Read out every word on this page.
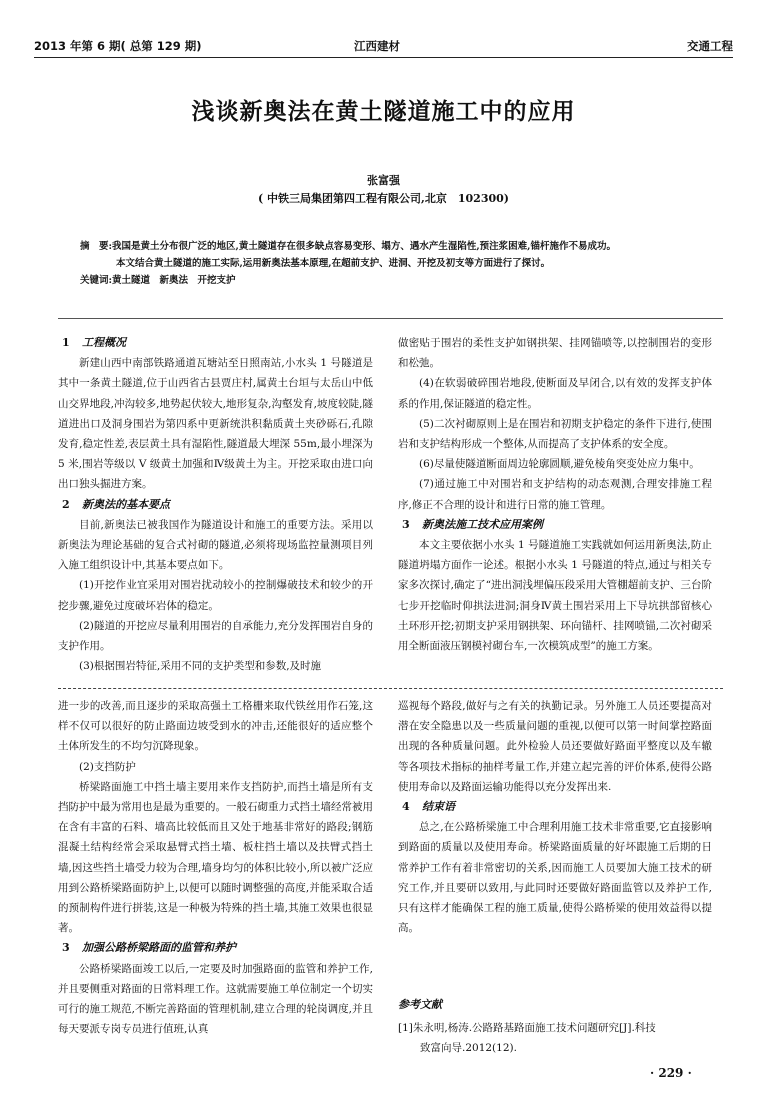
2013 年第 6 期( 总第 129 期)	江西建材	交通工程
浅谈新奥法在黄土隧道施工中的应用
张富强
( 中铁三局集团第四工程有限公司,北京　102300)

摘　要:我国是黄土分布很广泛的地区,黄土隧道存在很多缺点容易变形、塌方、遇水产生湿陷性,预注浆困难,锚杆施作不易成功。

本文结合黄土隧道的施工实际,运用新奥法基本原理,在超前支护、进洞、开挖及初支等方面进行了探讨。

关键词:黄土隧道　新奥法　开挖支护

1 工程概况

新建山西中南部铁路通道瓦塘站至日照南站,小水头 1 号隧道是其中一条黄土隧道,位于山西省古县贾庄村,属黄土台垣与太岳山中低山交界地段,冲沟较多,地势起伏较大,地形复杂,沟壑发育,坡度较陡,隧道进出口及洞身围岩为第四系中更新统洪积黏质黄土夹砂砾石,孔隙发育,稳定性差,表层黄土具有湿陷性,隧道最大埋深 55m,最小埋深为 5 米,围岩等级以 V 级黄土加强和Ⅳ级黄土为主。开挖采取由进口向出口独头掘进方案。

2 新奥法的基本要点

目前,新奥法已被我国作为隧道设计和施工的重要方法。采用以新奥法为理论基础的复合式衬砌的隧道,必须将现场监控量测项目列入施工组织设计中,其基本要点如下。

(1)开挖作业宜采用对围岩扰动较小的控制爆破技术和较少的开挖步骤,避免过度破坏岩体的稳定。

(2)隧道的开挖应尽量利用围岩的自承能力,充分发挥围岩自身的支护作用。

(3)根据围岩特征,采用不同的支护类型和参数,及时施

做密贴于围岩的柔性支护如钢拱架、挂网锚喷等,以控制围岩的变形和松弛。

(4)在软弱破碎围岩地段,使断面及早闭合,以有效的发挥支护体系的作用,保证隧道的稳定性。

(5)二次衬砌原则上是在围岩和初期支护稳定的条件下进行,使围岩和支护结构形成一个整体,从而提高了支护体系的安全度。

(6)尽量使隧道断面周边轮廓圆顺,避免棱角突变处应力集中。

(7)通过施工中对围岩和支护结构的动态观测,合理安排施工程序,修正不合理的设计和进行日常的施工管理。

3 新奥法施工技术应用案例

本文主要依据小水头 1 号隧道施工实践就如何运用新奥法,防止隧道坍塌方面作一论述。根据小水头 1 号隧道的特点,通过与相关专家多次探讨,确定了“进出洞浅埋偏压段采用大管棚超前支护、三台阶七步开挖临时仰拱法进洞;洞身Ⅳ黄土围岩采用上下导坑拱部留核心土环形开挖;初期支护采用钢拱架、环向锚杆、挂网喷锚,二次衬砌采用全断面液压钢模衬砌台车,一次模筑成型”的施工方案。

进一步的改善,而且逐步的采取高强土工格栅来取代铁丝用作石笼,这样不仅可以很好的防止路面边坡受到水的冲击,还能很好的适应整个土体所发生的不均匀沉降现象。

(2)支挡防护

桥梁路面施工中挡土墙主要用来作支挡防护,而挡土墙是所有支挡防护中最为常用也是最为重要的。一般石砌重力式挡土墙经常被用在含有丰富的石料、墙高比较低而且又处于地基非常好的路段;钢筋混凝土结构经常会采取悬臂式挡土墙、板柱挡土墙以及扶臂式挡土墙,因这些挡土墙受力较为合理,墙身均匀的体积比较小,所以被广泛应用到公路桥梁路面防护上,以便可以随时调整强的高度,并能采取合适的预制构件进行拼装,这是一种极为特殊的挡土墙,其施工效果也很显著。

3 加强公路桥梁路面的监管和养护

公路桥梁路面竣工以后,一定要及时加强路面的监管和养护工作,并且要侧重对路面的日常料理工作。这就需要施工单位制定一个切实可行的施工规范,不断完善路面的管理机制,建立合理的轮岗调度,并且每天要派专岗专员进行值班,认真

巡视每个路段,做好与之有关的执勤记录。另外施工人员还要提高对潜在安全隐患以及一些质量问题的重视,以便可以第一时间掌控路面出现的各种质量问题。此外检验人员还要做好路面平整度以及车辙等各项技术指标的抽样考量工作,并建立起完善的评价体系,使得公路使用寿命以及路面运输功能得以充分发挥出来.

4 结束语

总之,在公路桥梁施工中合理利用施工技术非常重要,它直接影响到路面的质量以及使用寿命。桥梁路面质量的好坏跟施工后期的日常养护工作有着非常密切的关系,因而施工人员要加大施工技术的研究工作,并且要研以致用,与此同时还要做好路面监管以及养护工作,只有这样才能确保工程的施工质量,使得公路桥梁的使用效益得以提高。

参考文献
[1]朱永明,杨涛.公路路基路面施工技术问题研究[J].科技
致富向导.2012(12).
· 229 ·
